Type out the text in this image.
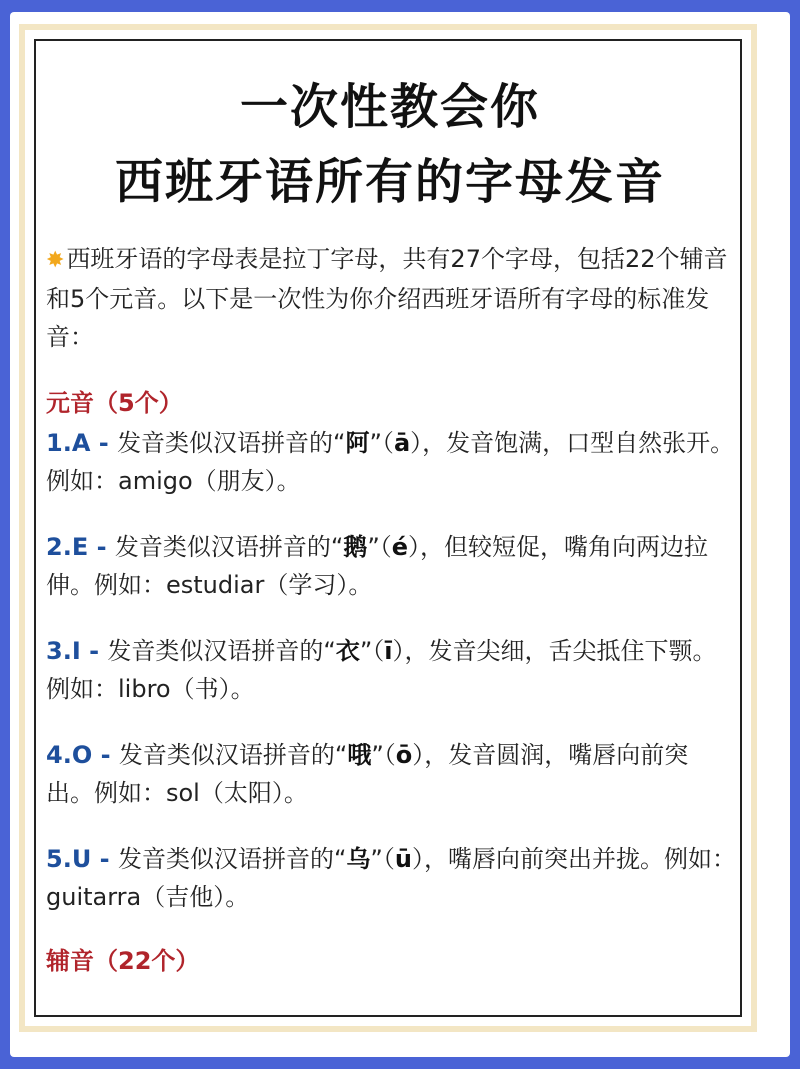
一次性教会你
西班牙语所有的字母发音
✸西班牙语的字母表是拉丁字母，共有27个字母，包括22个辅音和5个元音。以下是一次性为你介绍西班牙语所有字母的标准发音：
元音（5个）
1.A - 发音类似汉语拼音的“阿”（ā），发音饱满，口型自然张开。例如：amigo（朋友）。
2.E - 发音类似汉语拼音的“鹅”（é），但较短促，嘴角向两边拉伸。例如：estudiar（学习）。
3.I - 发音类似汉语拼音的“衣”（ī），发音尖细，舌尖抵住下颚。例如：libro（书）。
4.O - 发音类似汉语拼音的“哦”（ō），发音圆润，嘴唇向前突出。例如：sol（太阳）。
5.U - 发音类似汉语拼音的“乌”（ū），嘴唇向前突出并拢。例如：guitarra（吉他）。
辅音（22个）
